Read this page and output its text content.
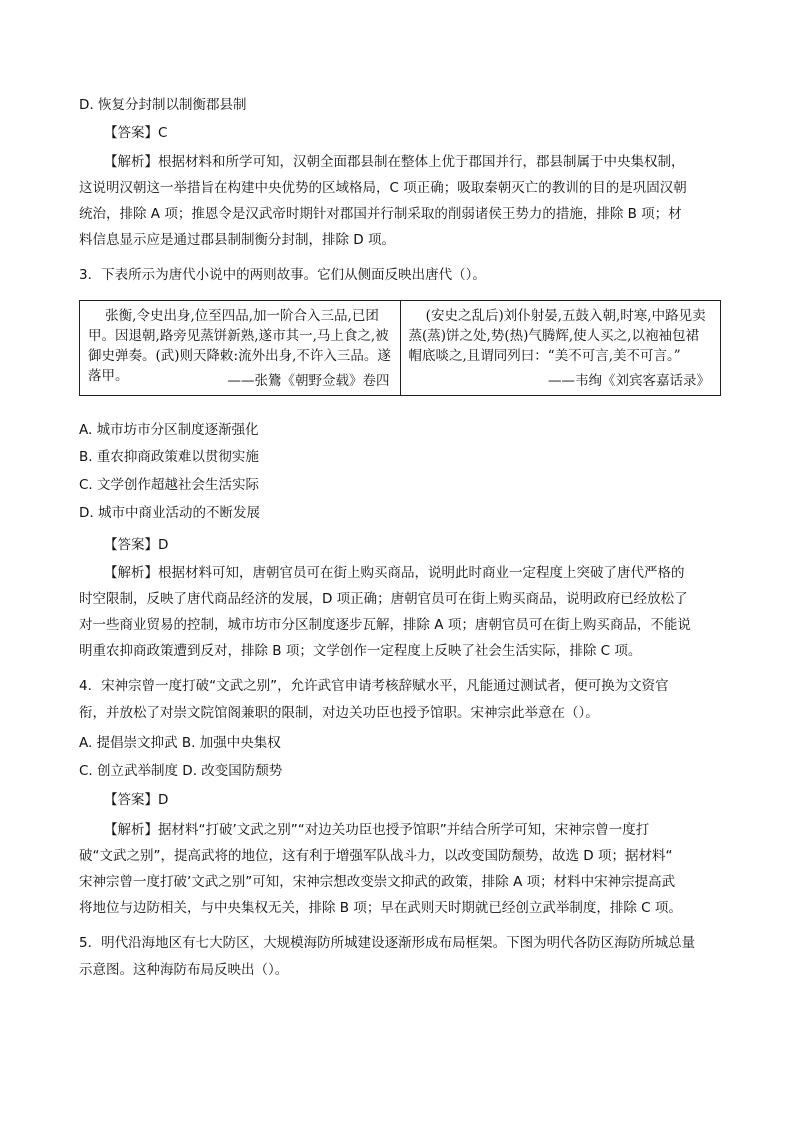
D. 恢复分封制以制衡郡县制
【答案】C
【解析】根据材料和所学可知，汉朝全面郡县制在整体上优于郡国并行，郡县制属于中央集权制，
这说明汉朝这一举措旨在构建中央优势的区域格局，C 项正确；吸取秦朝灭亡的教训的目的是巩固汉朝
统治，排除 A 项；推恩令是汉武帝时期针对郡国并行制采取的削弱诸侯王势力的措施，排除 B 项；材
料信息显示应是通过郡县制制衡分封制，排除 D 项。
3．下表所示为唐代小说中的两则故事。它们从侧面反映出唐代（）。
张衡,令史出身,位至四品,加一阶合入三品,已团甲。因退朝,路旁见蒸饼新熟,遂市其一,马上食之,被御史弹奏。(武)则天降敕:流外出身,不许入三品。遂落甲。	——张鷟《朝野佥载》卷四
(安史之乱后)刘仆射晏,五鼓入朝,时寒,中路见卖蒸(蒸)饼之处,势(热)气腾辉,使人买之,以袍袖包裙帽底啖之,且谓同列曰：“美不可言,美不可言。”
——韦绚《刘宾客嘉话录》
A. 城市坊市分区制度逐渐强化
B. 重农抑商政策难以贯彻实施
C. 文学创作超越社会生活实际
D. 城市中商业活动的不断发展
【答案】D
【解析】根据材料可知，唐朝官员可在街上购买商品，说明此时商业一定程度上突破了唐代严格的
时空限制，反映了唐代商品经济的发展，D 项正确；唐朝官员可在街上购买商品，说明政府已经放松了
对一些商业贸易的控制，城市坊市分区制度逐步瓦解，排除 A 项；唐朝官员可在街上购买商品，不能说
明重农抑商政策遭到反对，排除 B 项；文学创作一定程度上反映了社会生活实际，排除 C 项。
4．宋神宗曾一度打破“文武之别”，允许武官申请考核辞赋水平，凡能通过测试者，便可换为文资官
衔，并放松了对崇文院馆阁兼职的限制，对边关功臣也授予馆职。宋神宗此举意在（）。
A. 提倡崇文抑武 B. 加强中央集权
C. 创立武举制度 D. 改变国防颓势
【答案】D
【解析】据材料“打破’文武之别”“对边关功臣也授予馆职”并结合所学可知，宋神宗曾一度打
破“文武之别”，提高武将的地位，这有利于增强军队战斗力，以改变国防颓势，故选 D 项；据材料“
宋神宗曾一度打破’文武之别”可知，宋神宗想改变崇文抑武的政策，排除 A 项；材料中宋神宗提高武
将地位与边防相关，与中央集权无关，排除 B 项；早在武则天时期就已经创立武举制度，排除 C 项。
5．明代沿海地区有七大防区，大规模海防所城建设逐渐形成布局框架。下图为明代各防区海防所城总量
示意图。这种海防布局反映出（）。
